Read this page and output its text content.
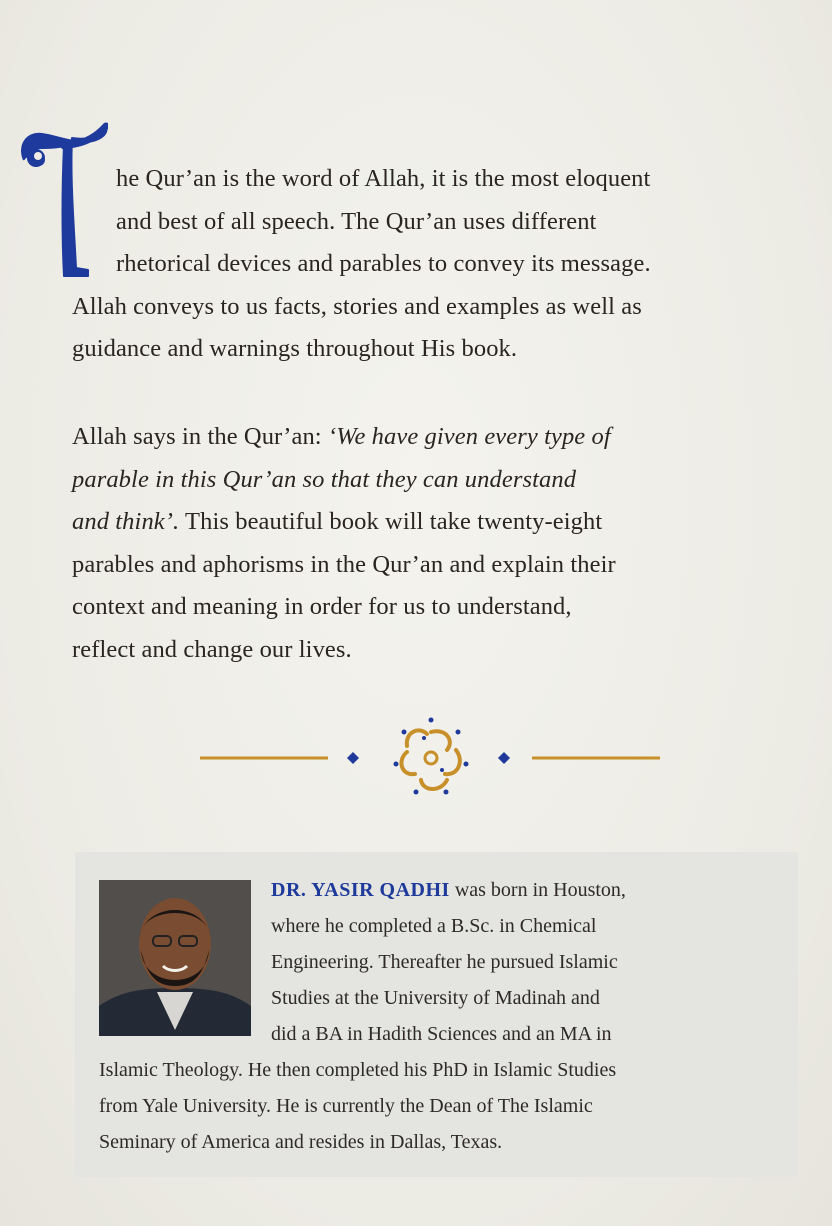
he Qur’an is the word of Allah, it is the most eloquent
and best of all speech. The Qur’an uses different
rhetorical devices and parables to convey its message.
Allah conveys to us facts, stories and examples as well as
guidance and warnings throughout His book.
Allah says in the Qur’an: ‘We have given every type of
parable in this Qur’an so that they can understand
and think’. This beautiful book will take twenty-eight
parables and aphorisms in the Qur’an and explain their
context and meaning in order for us to understand,
reflect and change our lives.
DR. YASIR QADHI was born in Houston,
where he completed a B.Sc. in Chemical
Engineering. Thereafter he pursued Islamic
Studies at the University of Madinah and
did a BA in Hadith Sciences and an MA in
Islamic Theology. He then completed his PhD in Islamic Studies
from Yale University. He is currently the Dean of The Islamic
Seminary of America and resides in Dallas, Texas.
